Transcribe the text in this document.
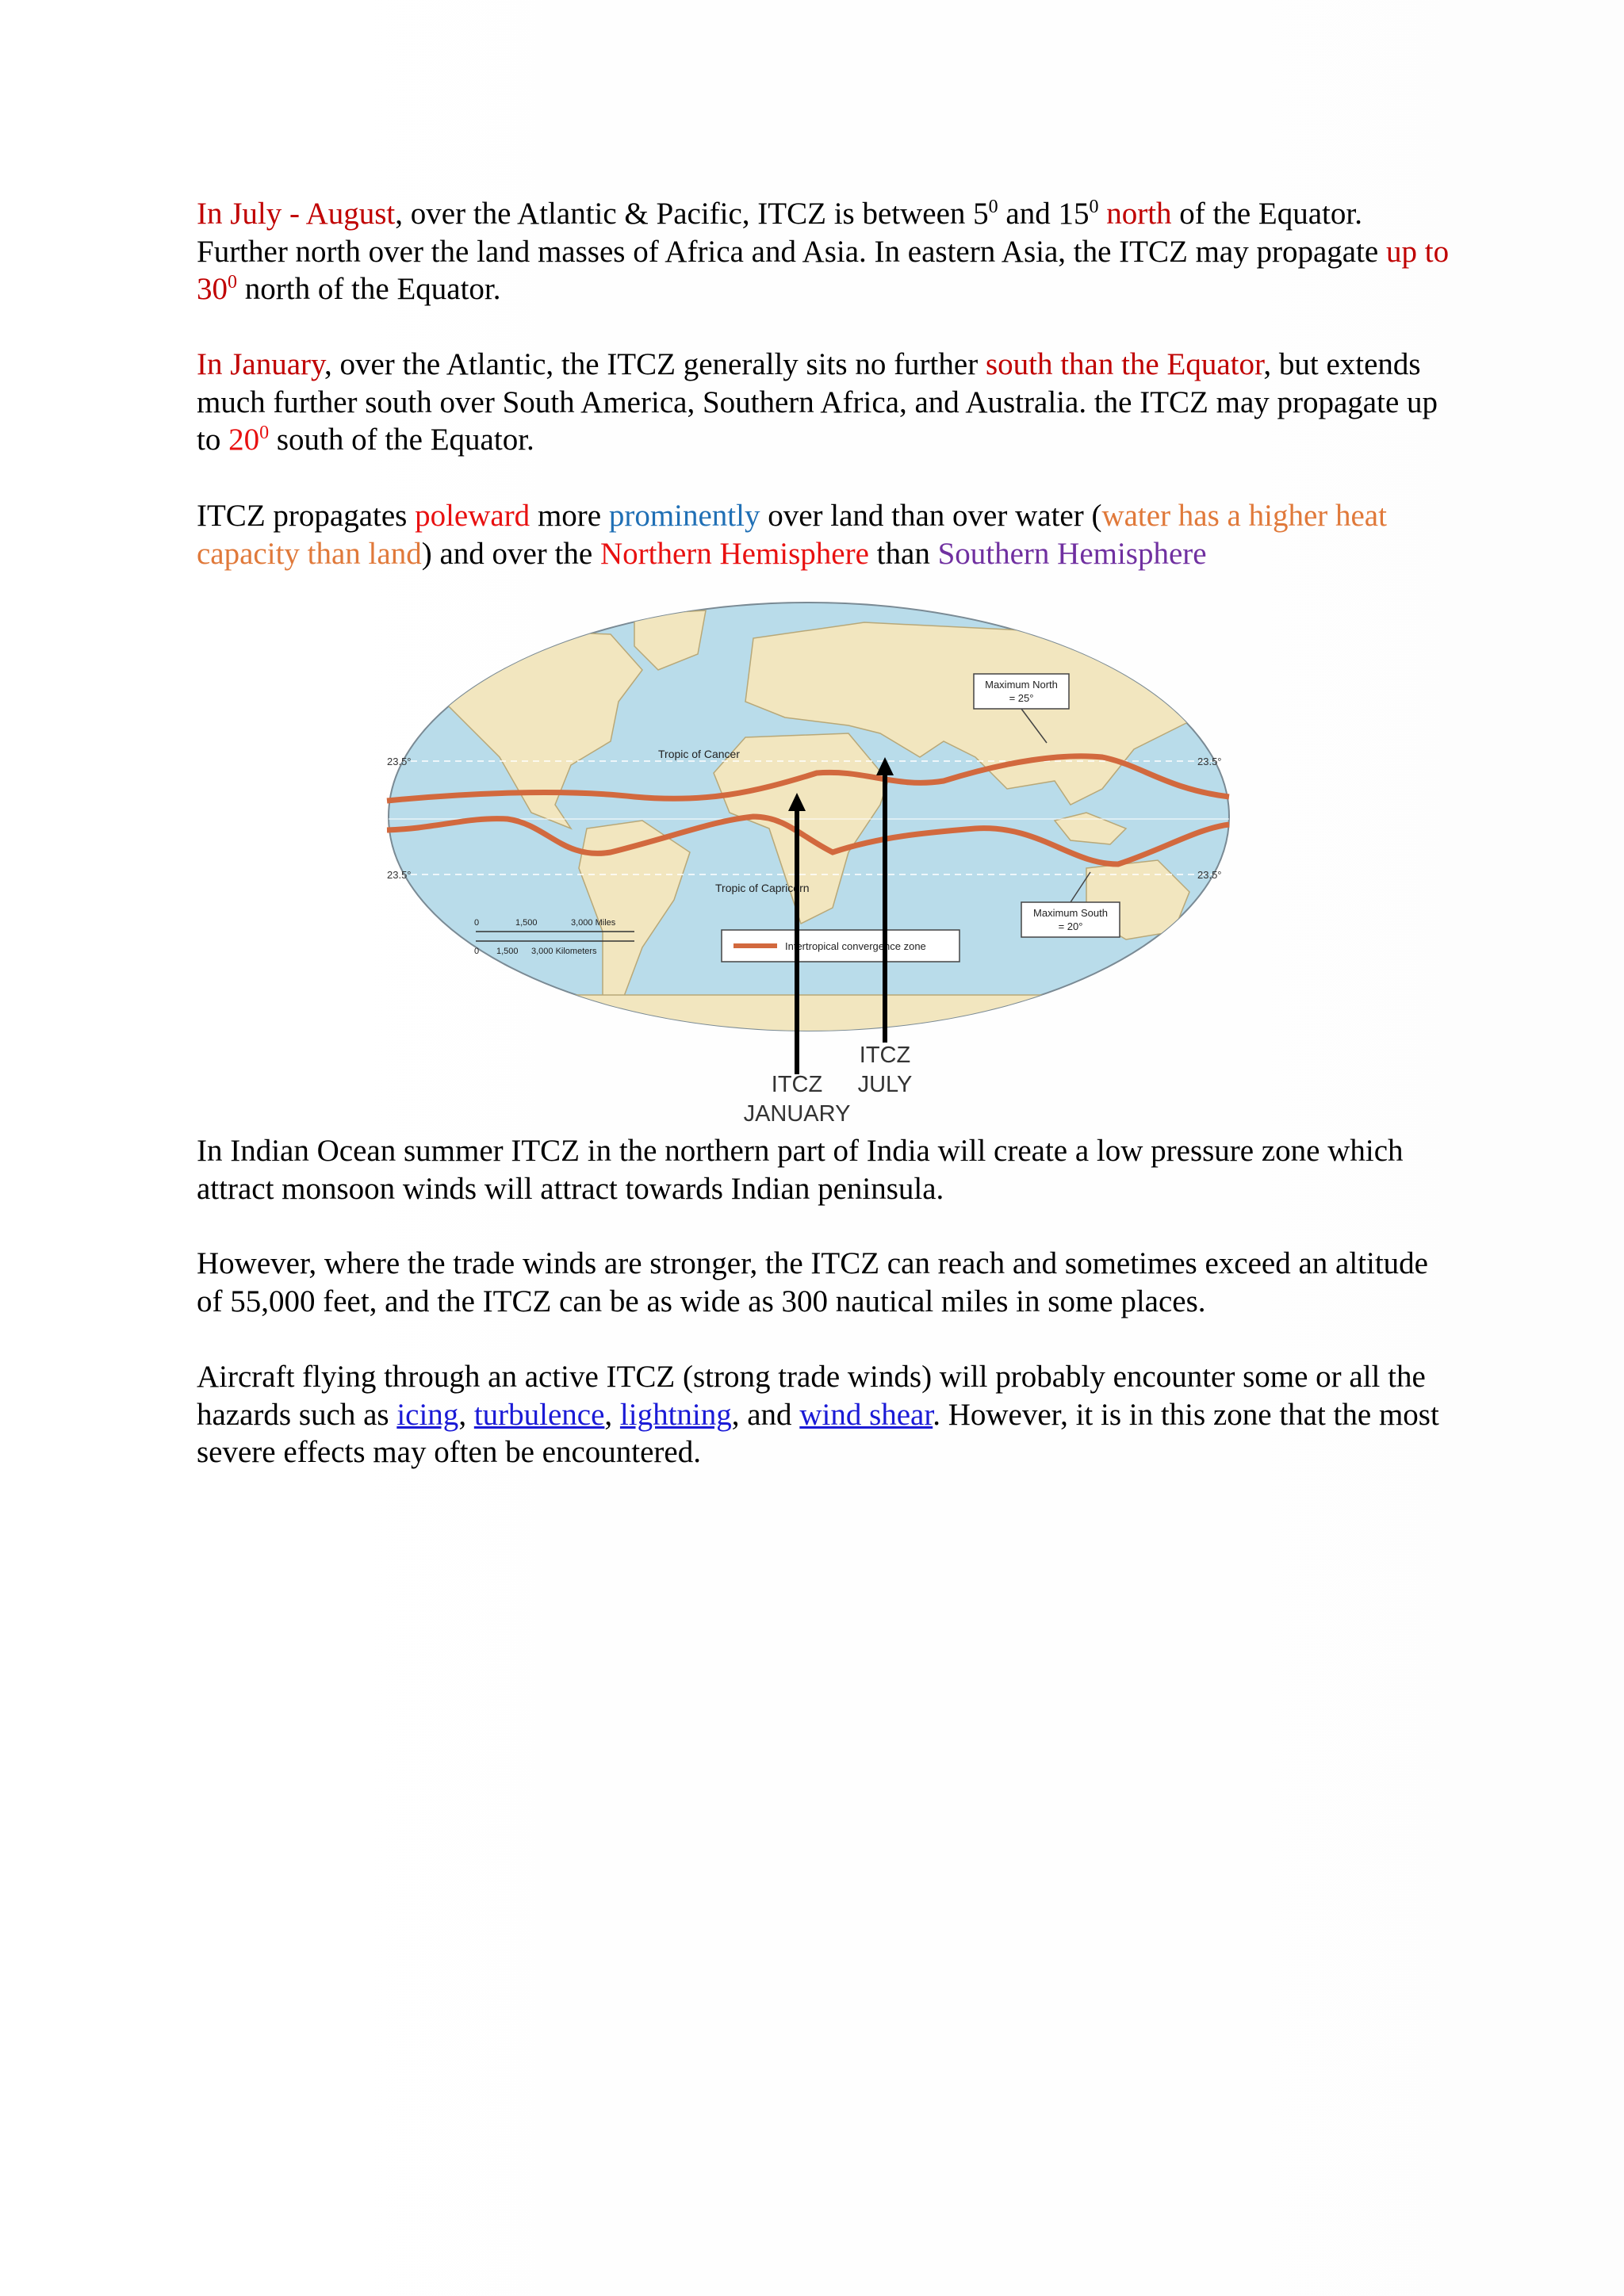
In July - August, over the Atlantic & Pacific, ITCZ is between $5^0$ and $15^0$ north of the Equator. Further north over the land masses of Africa and Asia. In eastern Asia, the ITCZ may propagate up to $30^0$ north of the Equator.

In January, over the Atlantic, the ITCZ generally sits no further south than the Equator, but extends much further south over South America, Southern Africa, and Australia. the ITCZ may propagate up to $20^0$ south of the Equator.

ITCZ propagates poleward more prominently over land than over water (water has a higher heat capacity than land) and over the Northern Hemisphere than Southern Hemisphere

23.5°	23.5°
23.5°	23.5°
Tropic of Cancer
Tropic of Capricorn
Maximum North
= 25°
Maximum South
= 20°
Intertropical convergence zone
0	1,500	3,000 Miles
0 1,500 3,000 Kilometers
ITCZ
JULY
ITCZ
JANUARY

In Indian Ocean summer ITCZ in the northern part of India will create a low pressure zone which attract monsoon winds will attract towards Indian peninsula.

However, where the trade winds are stronger, the ITCZ can reach and sometimes exceed an altitude of 55,000 feet, and the ITCZ can be as wide as 300 nautical miles in some places.

Aircraft flying through an active ITCZ (strong trade winds) will probably encounter some or all the hazards such as icing, turbulence, lightning, and wind shear. However, it is in this zone that the most severe effects may often be encountered.
